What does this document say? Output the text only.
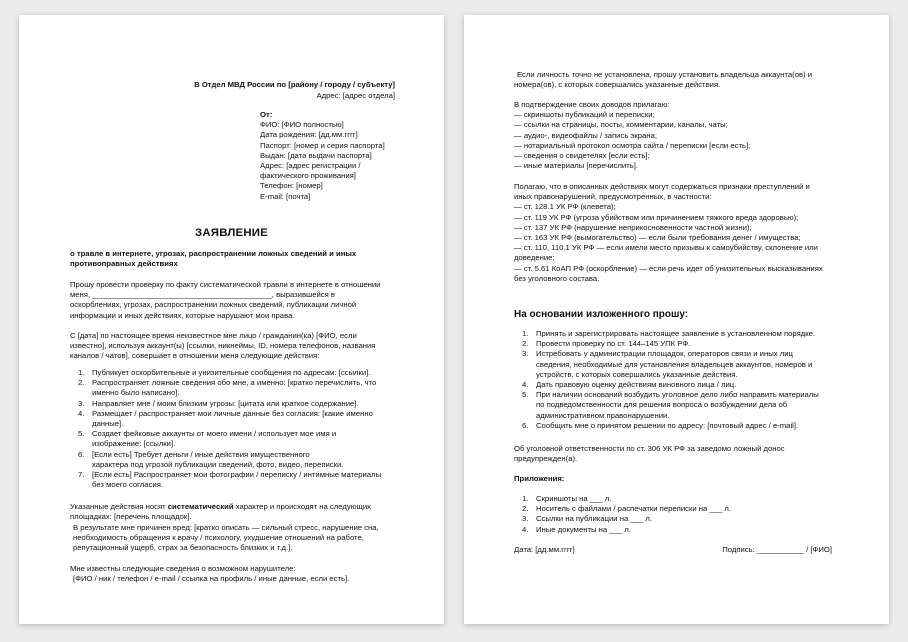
В Отдел МВД России по [району / городу / субъекту]
Адрес: [адрес отдела]
От:
ФИО: [ФИО полностью]
Дата рождения: [дд.мм.гггг]
Паспорт: [номер и серия паспорта]
Выдан: [дата выдачи паспорта]
Адрес: [адрес регистрации /
фактического проживания]
Телефон: [номер]
E-mail: [почта]
ЗАЯВЛЕНИЕ
о травле в интернете, угрозах, распространении ложных сведений и иных
противоправных действиях
Прошу провести проверку по факту систематической травли в интернете в отношении
меня, __________________________________________, выразившейся в
оскорблениях, угрозах, распространении ложных сведений, публикации личной
информации и иных действиях, которые нарушают мои права.
С [дата] по настоящее время неизвестное мне лицо / гражданин(ка) [ФИО, если
известно], используя аккаунт(ы) [ссылки, никнеймы, ID, номера телефонов, названия
каналов / чатов], совершает в отношении меня следующие действия:
1. Публикует оскорбительные и унизительные сообщения по адресам: [ссылки].
2. Распространяет ложные сведения обо мне, а именно: [кратко перечислить, что
именно было написано].
3. Направляет мне / моим близким угрозы: [цитата или краткое содержание].
4. Размещает / распространяет мои личные данные без согласия: [какие именно
данные].
5. Создает фейковые аккаунты от моего имени / использует мое имя и
изображение: [ссылки].
6. [Если есть] Требует деньги / иные действия имущественного
характера под угрозой публикации сведений, фото, видео, переписки.
7. [Если есть] Распространяет мои фотографии / переписку / интимные материалы
без моего согласия.
Указанные действия носят систематический характер и происходят на следующих
площадках: [перечень площадок].
В результате мне причинен вред: [кратко описать — сильный стресс, нарушение сна,
необходимость обращения к врачу / психологу, ухудшение отношений на работе,
репутационный ущерб, страх за безопасность близких и т.д.].
Мне известны следующие сведения о возможном нарушителе:
[ФИО / ник / телефон / e-mail / ссылка на профиль / иные данные, если есть].
Если личность точно не установлена, прошу установить владельца аккаунта(ов) и
номера(ов), с которых совершались указанные действия.
В подтверждение своих доводов прилагаю:
— скриншоты публикаций и переписки;
— ссылки на страницы, посты, комментарии, каналы, чаты;
— аудио-, видеофайлы / запись экрана;
— нотариальный протокол осмотра сайта / переписки [если есть];
— сведения о свидетелях [если есть];
— иные материалы [перечислить].
Полагаю, что в описанных действиях могут содержаться признаки преступлений и
иных правонарушений, предусмотренных, в частности:
— ст. 128.1 УК РФ (клевета);
— ст. 119 УК РФ (угроза убийством или причинением тяжкого вреда здоровью);
— ст. 137 УК РФ (нарушение неприкосновенности частной жизни);
— ст. 163 УК РФ (вымогательство) — если были требования денег / имущества;
— ст. 110, 110.1 УК РФ — если имели место призывы к самоубийству, склонение или
доведение;
— ст. 5.61 КоАП РФ (оскорбление) — если речь идет об унизительных высказываниях
без уголовного состава.
На основании изложенного прошу:
1. Принять и зарегистрировать настоящее заявление в установленном порядке.
2. Провести проверку по ст. 144–145 УПК РФ.
3. Истребовать у администрации площадок, операторов связи и иных лиц
сведения, необходимые для установления владельцев аккаунтов, номеров и
устройств, с которых совершались указанные действия.
4. Дать правовую оценку действиям виновного лица / лиц.
5. При наличии оснований возбудить уголовное дело либо направить материалы
по подведомственности для решения вопроса о возбуждении дела об
административном правонарушении.
6. Сообщить мне о принятом решении по адресу: [почтовый адрес / e-mail].
Об уголовной ответственности по ст. 306 УК РФ за заведомо ложный донос
предупрежден(а).
Приложения:
1. Скриншоты на ___ л.
2. Носитель с файлами / распечатки переписки на ___ л.
3. Ссылки на публикации на ___ л.
4. Иные документы на ___ л.
Дата: [дд.мм.гггг]	Подпись: ___________ / [ФИО]
